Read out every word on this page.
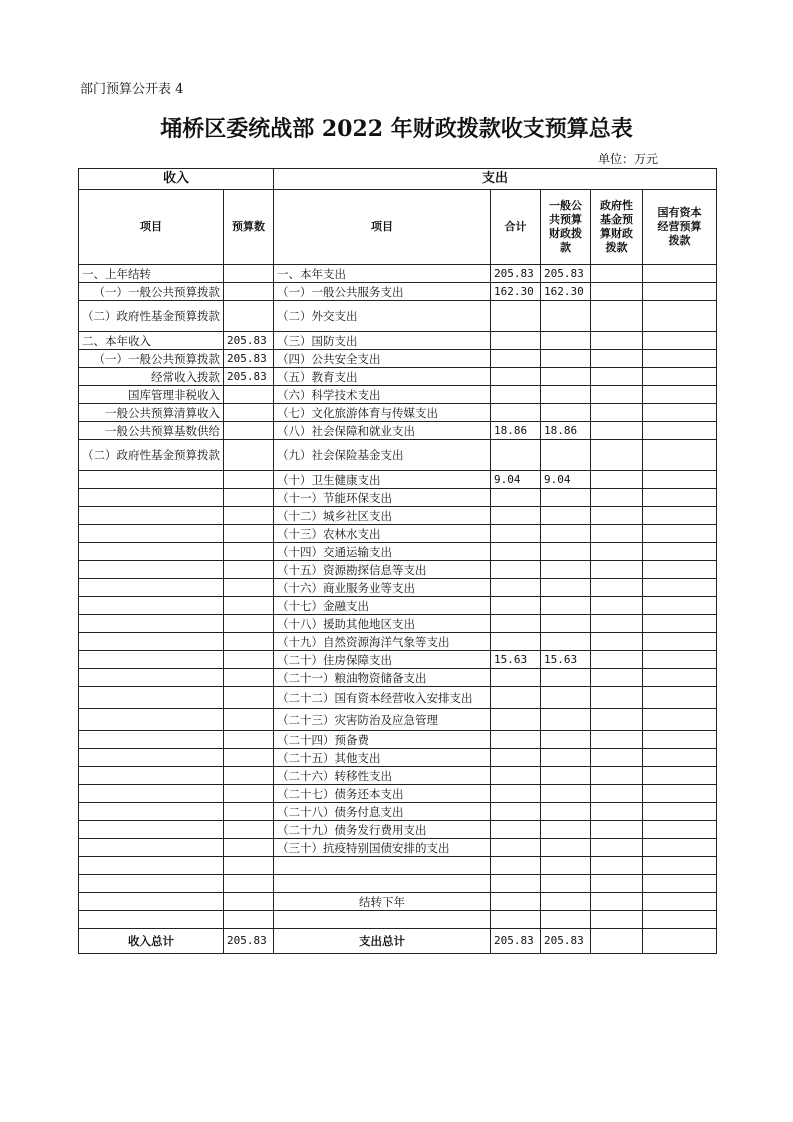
部门预算公开表 4
埇桥区委统战部 2022 年财政拨款收支预算总表
单位：万元
收入		支出				
项目	预算数	项目	合计	一般公共预算财政拨款	政府性基金预算财政拨款	国有资本经营预算拨款
一、上年结转		一、本年支出	205.83	205.83		
（一）一般公共预算拨款		（一）一般公共服务支出	162.30	162.30		
（二）政府性基金预算拨款		（二）外交支出				
二、本年收入	205.83	（三）国防支出				
（一）一般公共预算拨款	205.83	（四）公共安全支出				
经常收入拨款	205.83	（五）教育支出				
国库管理非税收入		（六）科学技术支出				
一般公共预算清算收入		（七）文化旅游体育与传媒支出				
一般公共预算基数供给		（八）社会保障和就业支出	18.86	18.86		
（二）政府性基金预算拨款		（九）社会保险基金支出				
		（十）卫生健康支出	9.04	9.04		
		（十一）节能环保支出				
		（十二）城乡社区支出				
		（十三）农林水支出				
		（十四）交通运输支出				
		（十五）资源勘探信息等支出				
		（十六）商业服务业等支出				
		（十七）金融支出				
		（十八）援助其他地区支出				
		（十九）自然资源海洋气象等支出				
		（二十）住房保障支出	15.63	15.63		
		（二十一）粮油物资储备支出				
		（二十二）国有资本经营收入安排支出				
		（二十三）灾害防治及应急管理				
		（二十四）预备费				
		（二十五）其他支出				
		（二十六）转移性支出				
		（二十七）债务还本支出				
		（二十八）债务付息支出				
		（二十九）债务发行费用支出				
		（三十）抗疫特别国债安排的支出				

		结转下年				

收入总计	205.83	支出总计	205.83	205.83		
